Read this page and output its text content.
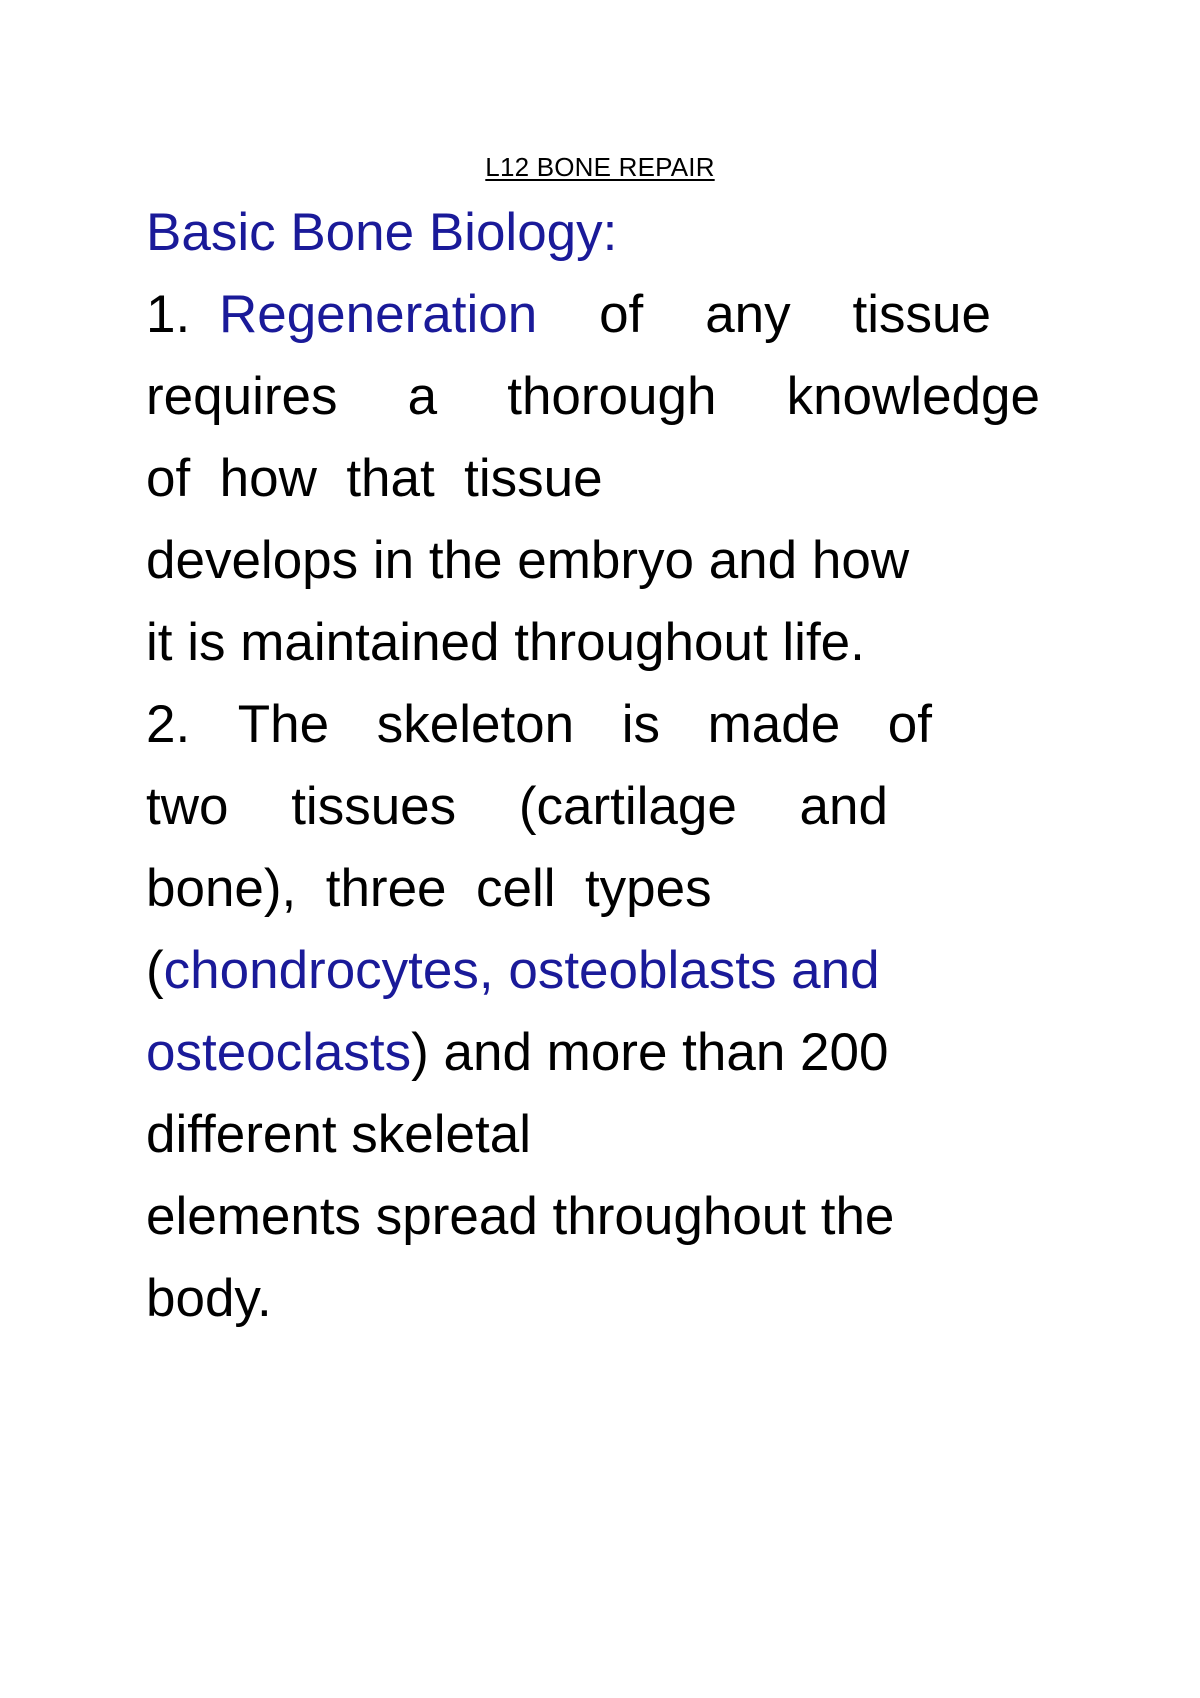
L12 BONE REPAIR
Basic Bone Biology:
1. Regeneration of any tissue
requires a thorough knowledge
of  how  that  tissue
develops in the embryo and how
it is maintained throughout life.
2. The skeleton is made of
two tissues (cartilage and
bone),  three  cell  types
(chondrocytes, osteoblasts and
osteoclasts) and more than 200
different skeletal
elements spread throughout the
body.
